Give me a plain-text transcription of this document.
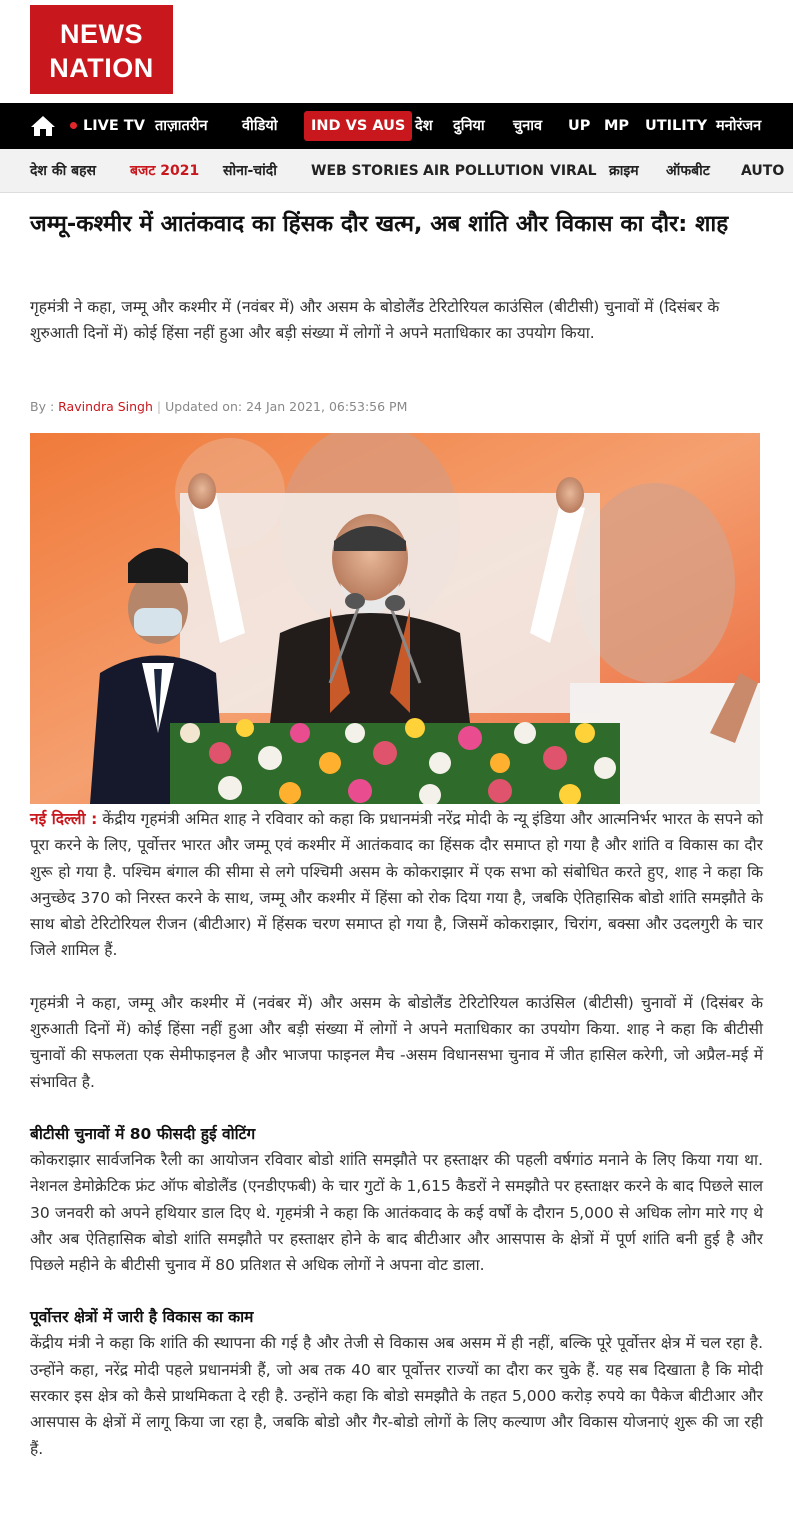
NEWS
NATION
LIVE TV ताज़ातरीन वीडियो	IND VS AUS देश दुनिया चुनाव UP MP UTILITY मनोरंजन
देश की बहस बजट 2021 सोना-चांदी WEB STORIES AIR POLLUTION VIRAL क्राइम ऑफबीट AUTO
जम्मू-कश्मीर में आतंकवाद का हिंसक दौर खत्म, अब शांति और विकास का दौर: शाह

गृहमंत्री ने कहा, जम्मू और कश्मीर में (नवंबर में) और असम के बोडोलैंड टेरिटोरियल काउंसिल (बीटीसी) चुनावों में (दिसंबर के शुरुआती दिनों में) कोई हिंसा नहीं हुआ और बड़ी संख्या में लोगों ने अपने मताधिकार का उपयोग किया.

By : Ravindra Singh | Updated on: 24 Jan 2021, 06:53:56 PM

नई दिल्ली : केंद्रीय गृहमंत्री अमित शाह ने रविवार को कहा कि प्रधानमंत्री नरेंद्र मोदी के न्यू इंडिया और आत्मनिर्भर भारत के सपने को पूरा करने के लिए, पूर्वोत्तर भारत और जम्मू एवं कश्मीर में आतंकवाद का हिंसक दौर समाप्त हो गया है और शांति व विकास का दौर शुरू हो गया है. पश्चिम बंगाल की सीमा से लगे पश्चिमी असम के कोकराझार में एक सभा को संबोधित करते हुए, शाह ने कहा कि अनुच्छेद 370 को निरस्त करने के साथ, जम्मू और कश्मीर में हिंसा को रोक दिया गया है, जबकि ऐतिहासिक बोडो शांति समझौते के साथ बोडो टेरिटोरियल रीजन (बीटीआर) में हिंसक चरण समाप्त हो गया है, जिसमें कोकराझार, चिरांग, बक्सा और उदलगुरी के चार जिले शामिल हैं.

गृहमंत्री ने कहा, जम्मू और कश्मीर में (नवंबर में) और असम के बोडोलैंड टेरिटोरियल काउंसिल (बीटीसी) चुनावों में (दिसंबर के शुरुआती दिनों में) कोई हिंसा नहीं हुआ और बड़ी संख्या में लोगों ने अपने मताधिकार का उपयोग किया. शाह ने कहा कि बीटीसी चुनावों की सफलता एक सेमीफाइनल है और भाजपा फाइनल मैच -असम विधानसभा चुनाव में जीत हासिल करेगी, जो अप्रैल-मई में संभावित है.

बीटीसी चुनावों में 80 फीसदी हुई वोटिंग

कोकराझार सार्वजनिक रैली का आयोजन रविवार बोडो शांति समझौते पर हस्ताक्षर की पहली वर्षगांठ मनाने के लिए किया गया था. नेशनल डेमोक्रेटिक फ्रंट ऑफ बोडोलैंड (एनडीएफबी) के चार गुटों के 1,615 कैडरों ने समझौते पर हस्ताक्षर करने के बाद पिछले साल 30 जनवरी को अपने हथियार डाल दिए थे. गृहमंत्री ने कहा कि आतंकवाद के कई वर्षों के दौरान 5,000 से अधिक लोग मारे गए थे और अब ऐतिहासिक बोडो शांति समझौते पर हस्ताक्षर होने के बाद बीटीआर और आसपास के क्षेत्रों में पूर्ण शांति बनी हुई है और पिछले महीने के बीटीसी चुनाव में 80 प्रतिशत से अधिक लोगों ने अपना वोट डाला.

पूर्वोत्तर क्षेत्रों में जारी है विकास का काम

केंद्रीय मंत्री ने कहा कि शांति की स्थापना की गई है और तेजी से विकास अब असम में ही नहीं, बल्कि पूरे पूर्वोत्तर क्षेत्र में चल रहा है. उन्होंने कहा, नरेंद्र मोदी पहले प्रधानमंत्री हैं, जो अब तक 40 बार पूर्वोत्तर राज्यों का दौरा कर चुके हैं. यह सब दिखाता है कि मोदी सरकार इस क्षेत्र को कैसे प्राथमिकता दे रही है. उन्होंने कहा कि बोडो समझौते के तहत 5,000 करोड़ रुपये का पैकेज बीटीआर और आसपास के क्षेत्रों में लागू किया जा रहा है, जबकि बोडो और गैर-बोडो लोगों के लिए कल्याण और विकास योजनाएं शुरू की जा रही हैं.
